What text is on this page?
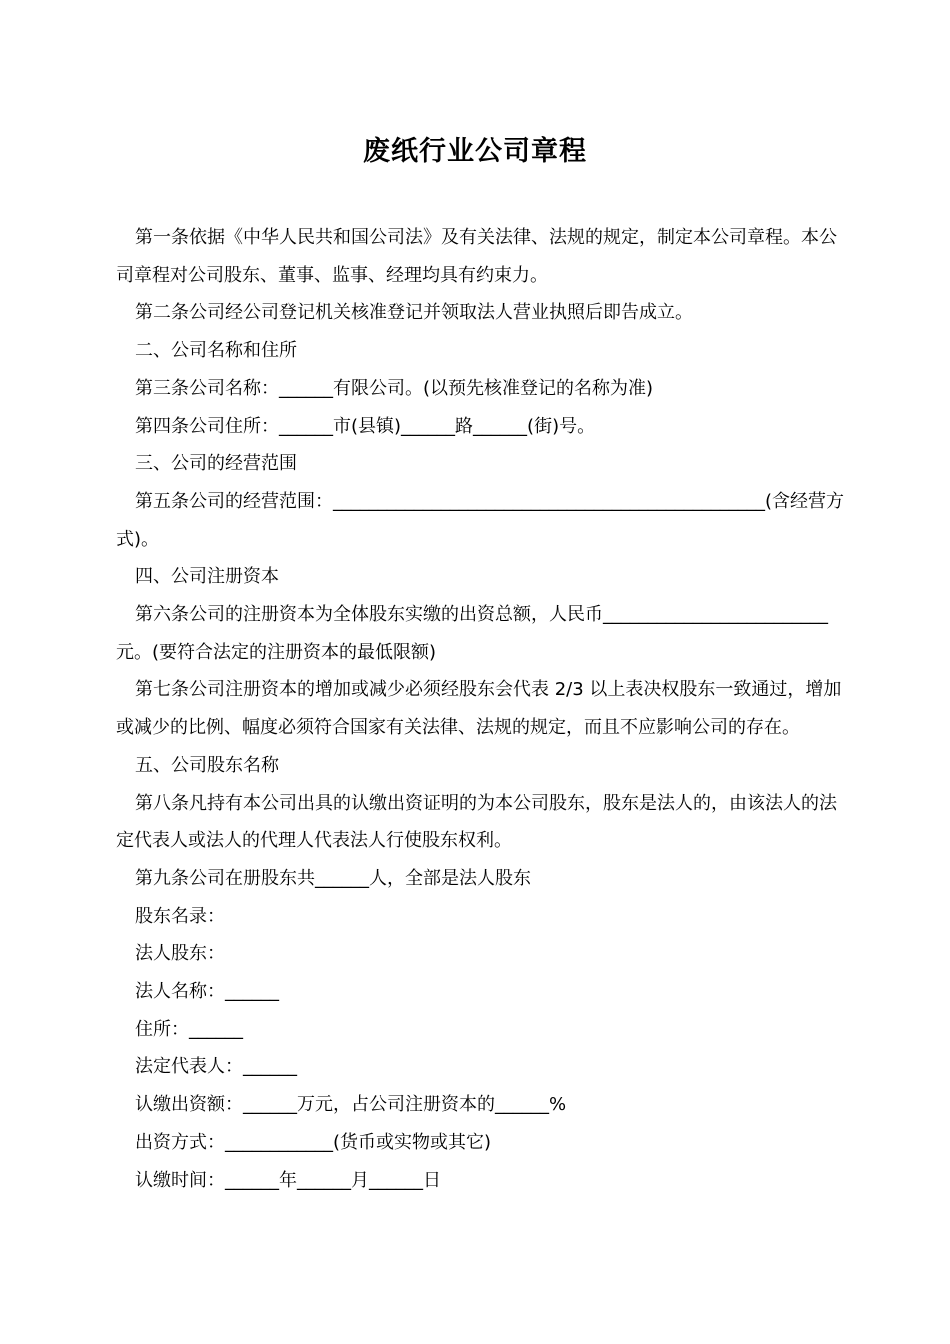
废纸行业公司章程

第一条依据《中华人民共和国公司法》及有关法律、法规的规定，制定本公司章程。本公司章程对公司股东、董事、监事、经理均具有约束力。

第二条公司经公司登记机关核准登记并领取法人营业执照后即告成立。

二、公司名称和住所

第三条公司名称：______有限公司。(以预先核准登记的名称为准)

第四条公司住所：______市(县镇)______路______(街)号。

三、公司的经营范围

第五条公司的经营范围：________________________________________________(含经营方式)。

四、公司注册资本

第六条公司的注册资本为全体股东实缴的出资总额，人民币_________________________元。(要符合法定的注册资本的最低限额)

第七条公司注册资本的增加或减少必须经股东会代表 2/3 以上表决权股东一致通过，增加或减少的比例、幅度必须符合国家有关法律、法规的规定，而且不应影响公司的存在。

五、公司股东名称

第八条凡持有本公司出具的认缴出资证明的为本公司股东，股东是法人的，由该法人的法定代表人或法人的代理人代表法人行使股东权利。

第九条公司在册股东共______人，全部是法人股东

股东名录：

法人股东：

法人名称：______

住所：______

法定代表人：______

认缴出资额：______万元，占公司注册资本的______%

出资方式：____________(货币或实物或其它)

认缴时间：______年______月______日
